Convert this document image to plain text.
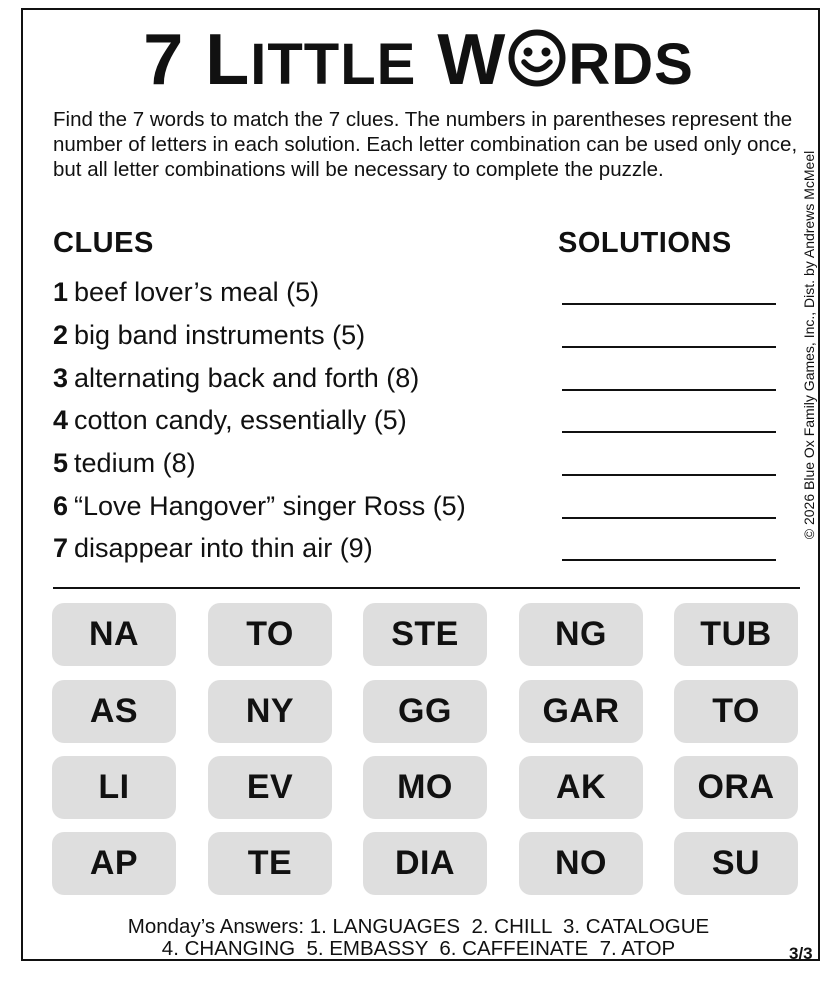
7 LITTLE W RDS
Find the 7 words to match the 7 clues. The numbers in parentheses represent the number of letters in each solution. Each letter combination can be used only once, but all letter combinations will be necessary to complete the puzzle.
CLUES	SOLUTIONS
1 beef lover’s meal (5)
2 big band instruments (5)
3 alternating back and forth (8)
4 cotton candy, essentially (5)
5 tedium (8)
6 “Love Hangover” singer Ross (5)
7 disappear into thin air (9)
© 2026 Blue Ox Family Games, Inc., Dist. by Andrews McMeel
NA	TO	STE	NG	TUB
AS	NY	GG	GAR	TO
LI	EV	MO	AK	ORA
AP	TE	DIA	NO	SU
Monday’s Answers: 1. LANGUAGES  2. CHILL  3. CATALOGUE
4. CHANGING  5. EMBASSY  6. CAFFEINATE  7. ATOP	3/3
